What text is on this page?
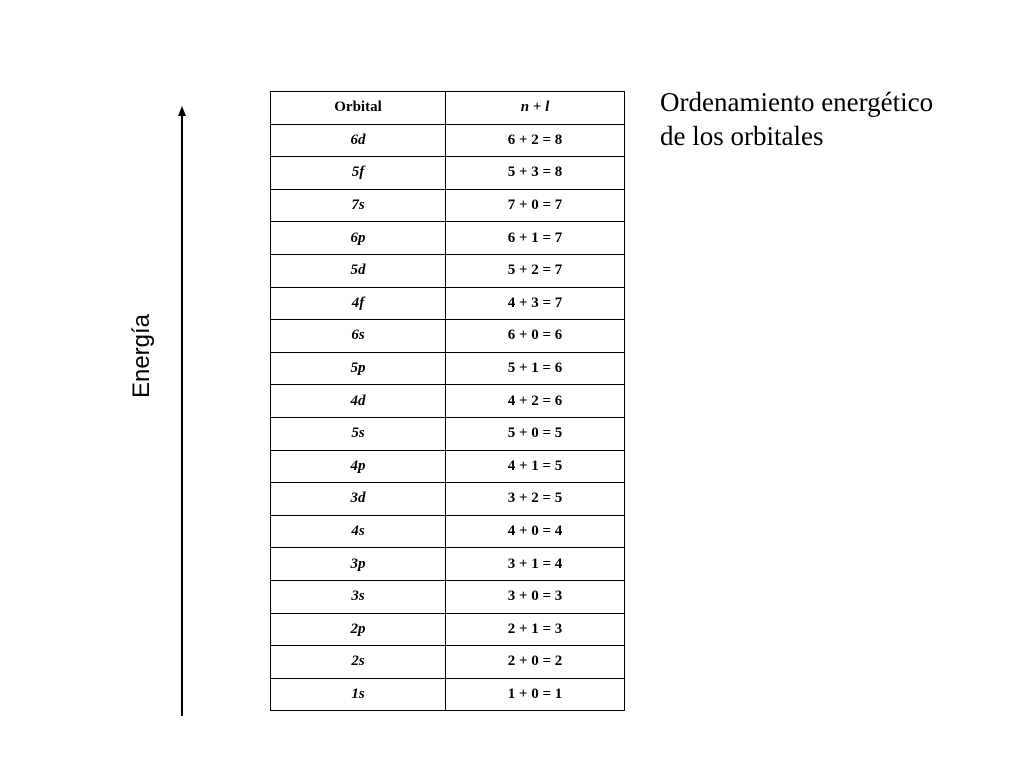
Energía
Orbital	n + l
6d	6 + 2 = 8
5f	5 + 3 = 8
7s	7 + 0 = 7
6p	6 + 1 = 7
5d	5 + 2 = 7
4f	4 + 3 = 7
6s	6 + 0 = 6
5p	5 + 1 = 6
4d	4 + 2 = 6
5s	5 + 0 = 5
4p	4 + 1 = 5
3d	3 + 2 = 5
4s	4 + 0 = 4
3p	3 + 1 = 4
3s	3 + 0 = 3
2p	2 + 1 = 3
2s	2 + 0 = 2
1s	1 + 0 = 1
Ordenamiento energético
de los orbitales
